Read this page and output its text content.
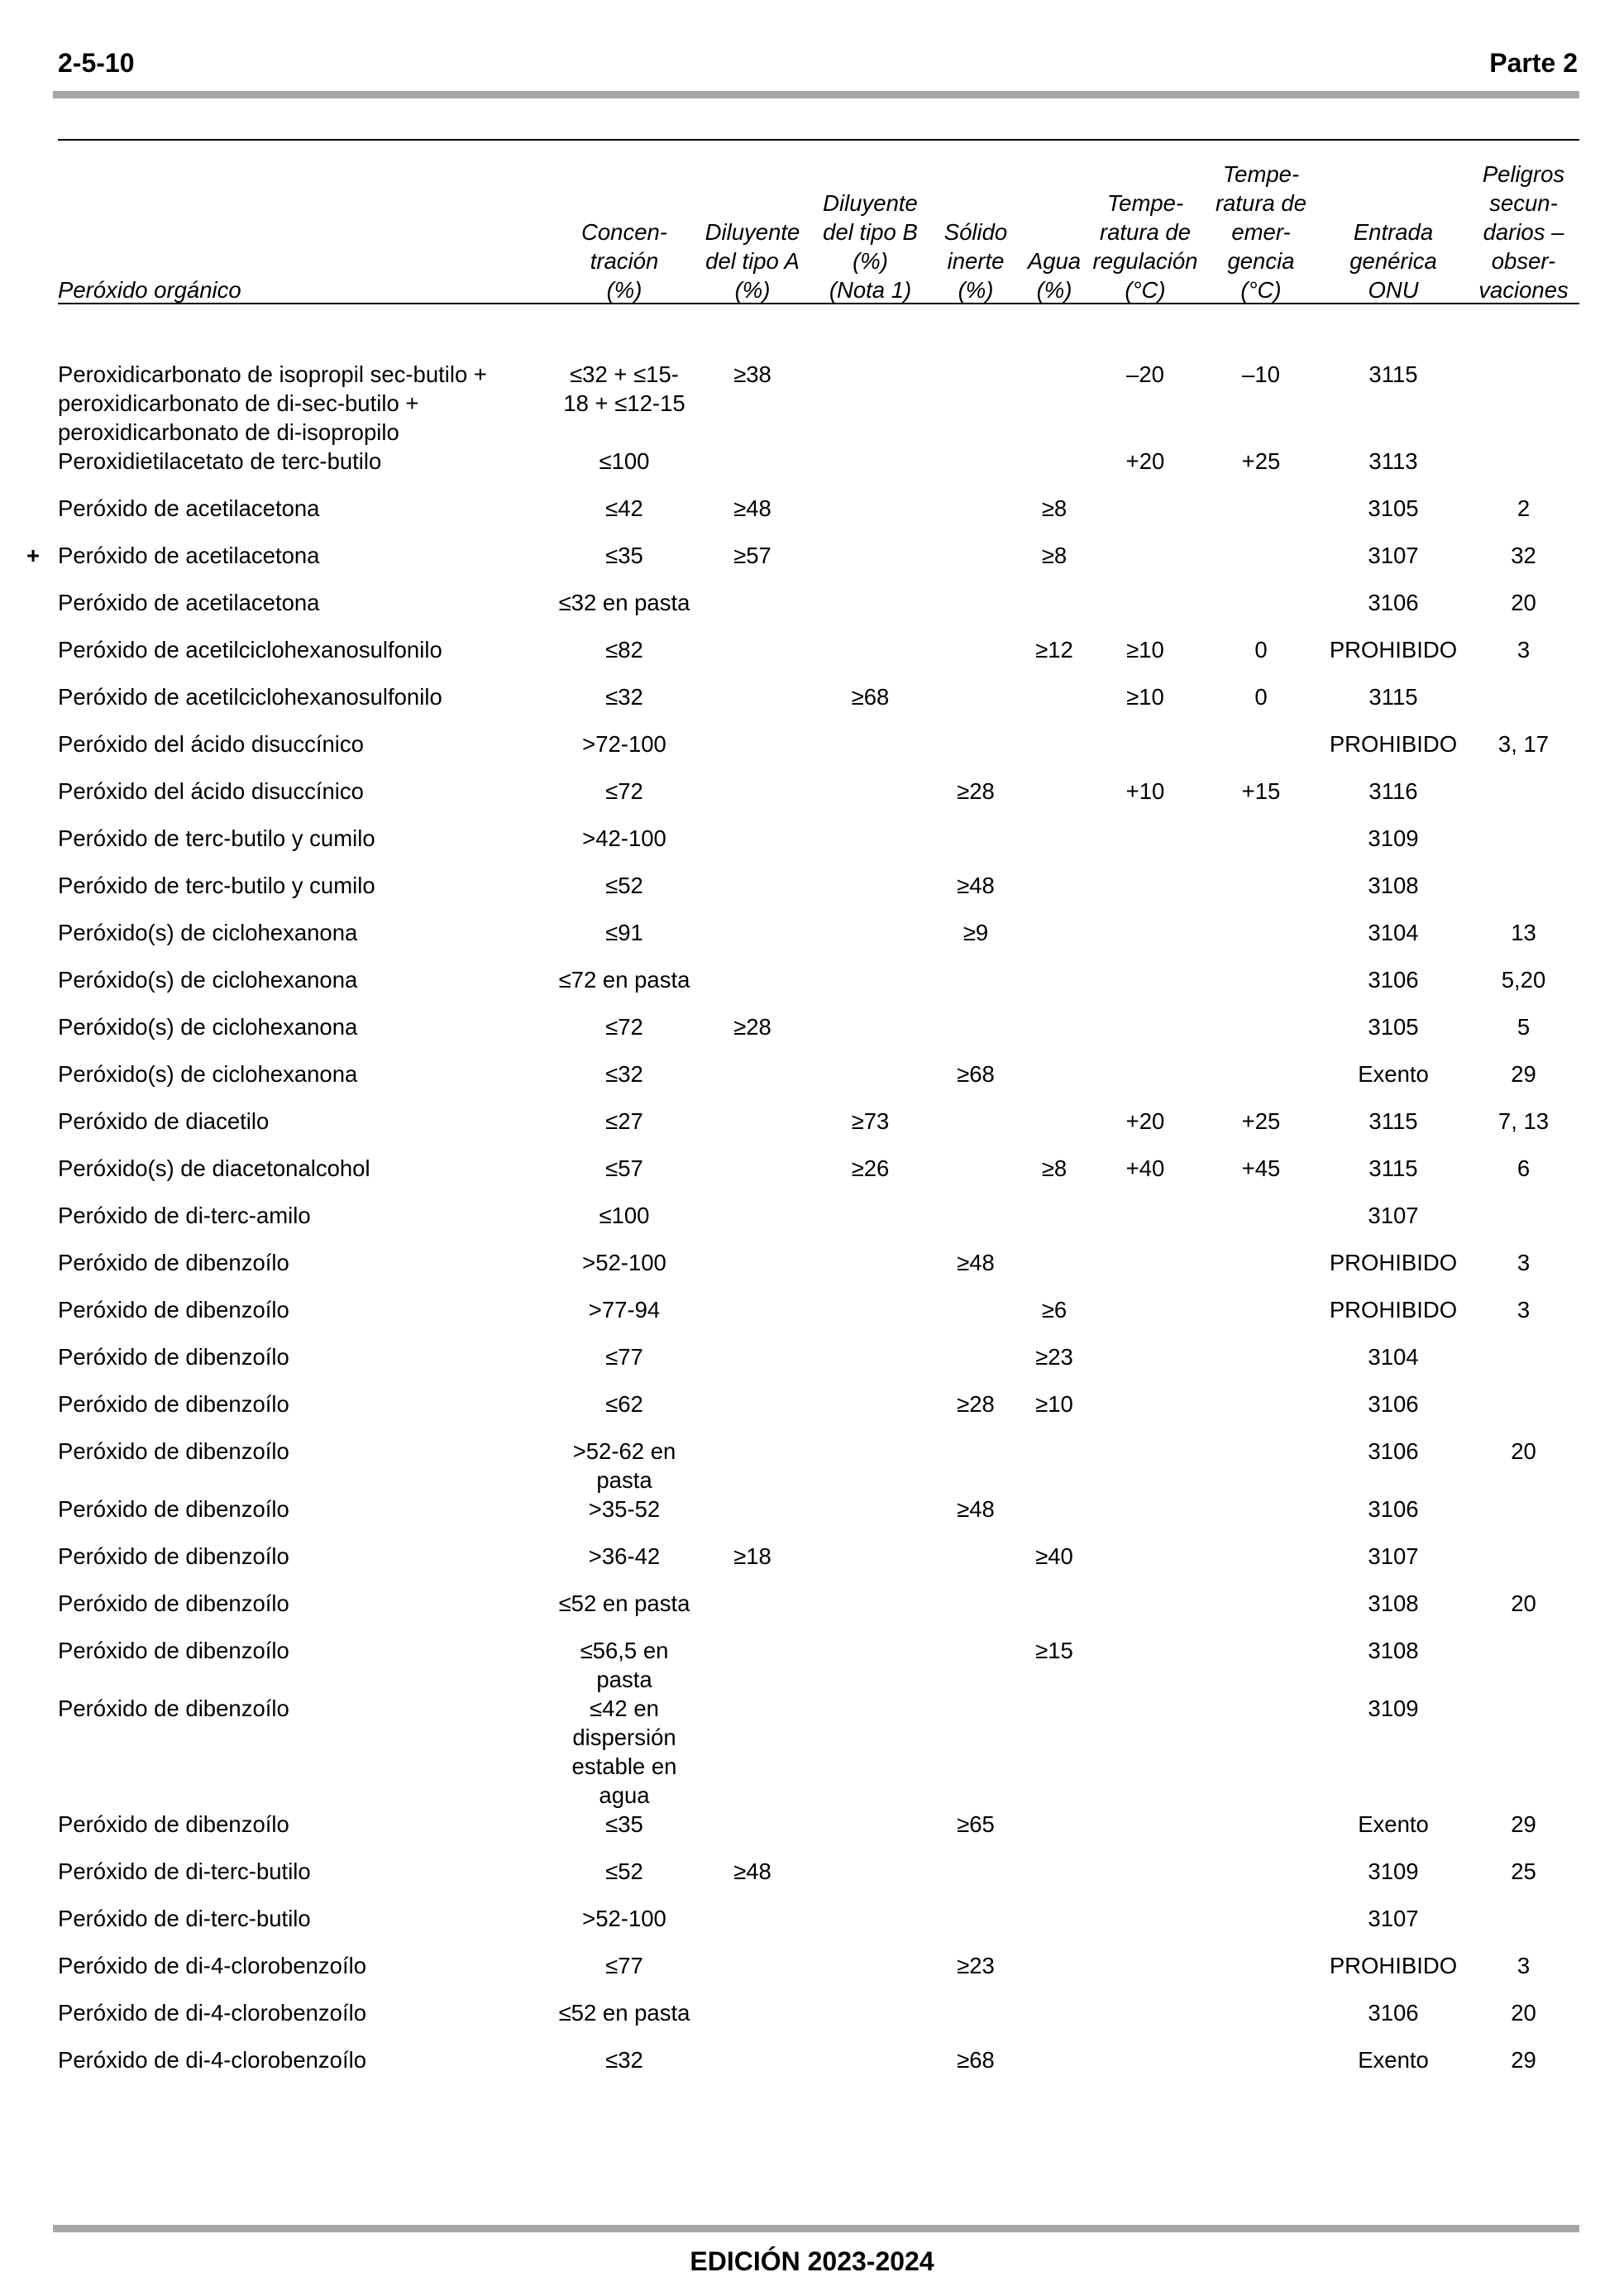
2-5-10	Parte 2
Peróxido orgánico	Concen-
tración
(%)	Diluyente
del tipo A
(%)	Diluyente
del tipo B
(%)
(Nota 1)	Sólido
inerte
(%)	Agua
(%)	Tempe-
ratura de
regulación
(°C)	Tempe-
ratura de
emer-
gencia
(°C)	Entrada
genérica
ONU	Peligros
secun-
darios –
obser-
vaciones

Peroxidicarbonato de isopropil sec-butilo +
peroxidicarbonato de di-sec-butilo +
peroxidicarbonato de di-isopropilo	≤32 + ≤15-
18 + ≤12-15	≥38				–20	–10	3115	
Peroxidietilacetato de terc-butilo	≤100					+20	+25	3113	
Peróxido de acetilacetona	≤42	≥48			≥8			3105	2

+ Peróxido de acetilacetona	≤35	≥57			≥8			3107	32
Peróxido de acetilacetona	≤32 en pasta							3106	20
Peróxido de acetilciclohexanosulfonilo	≤82				≥12	≥10	0	PROHIBIDO	3
Peróxido de acetilciclohexanosulfonilo	≤32		≥68			≥10	0	3115	
Peróxido del ácido disuccínico	>72-100							PROHIBIDO	3, 17
Peróxido del ácido disuccínico	≤72			≥28		+10	+15	3116	
Peróxido de terc-butilo y cumilo	>42-100							3109	
Peróxido de terc-butilo y cumilo	≤52			≥48				3108	
Peróxido(s) de ciclohexanona	≤91			≥9				3104	13
Peróxido(s) de ciclohexanona	≤72 en pasta							3106	5,20
Peróxido(s) de ciclohexanona	≤72	≥28						3105	5
Peróxido(s) de ciclohexanona	≤32			≥68				Exento	29
Peróxido de diacetilo	≤27		≥73			+20	+25	3115	7, 13
Peróxido(s) de diacetonalcohol	≤57		≥26		≥8	+40	+45	3115	6
Peróxido de di-terc-amilo	≤100							3107	
Peróxido de dibenzoílo	>52-100			≥48				PROHIBIDO	3
Peróxido de dibenzoílo	>77-94				≥6			PROHIBIDO	3
Peróxido de dibenzoílo	≤77				≥23			3104	
Peróxido de dibenzoílo	≤62			≥28	≥10			3106	
Peróxido de dibenzoílo	>52-62 en
pasta							3106	20
Peróxido de dibenzoílo	>35-52			≥48				3106	
Peróxido de dibenzoílo	>36-42	≥18			≥40			3107	
Peróxido de dibenzoílo	≤52 en pasta							3108	20
Peróxido de dibenzoílo	≤56,5 en
pasta				≥15			3108	
Peróxido de dibenzoílo	≤42 en
dispersión
estable en
agua							3109	
Peróxido de dibenzoílo	≤35			≥65				Exento	29
Peróxido de di-terc-butilo	≤52	≥48						3109	25
Peróxido de di-terc-butilo	>52-100							3107	
Peróxido de di-4-clorobenzoílo	≤77			≥23				PROHIBIDO	3
Peróxido de di-4-clorobenzoílo	≤52 en pasta							3106	20
Peróxido de di-4-clorobenzoílo	≤32			≥68				Exento	29
EDICIÓN 2023-2024
